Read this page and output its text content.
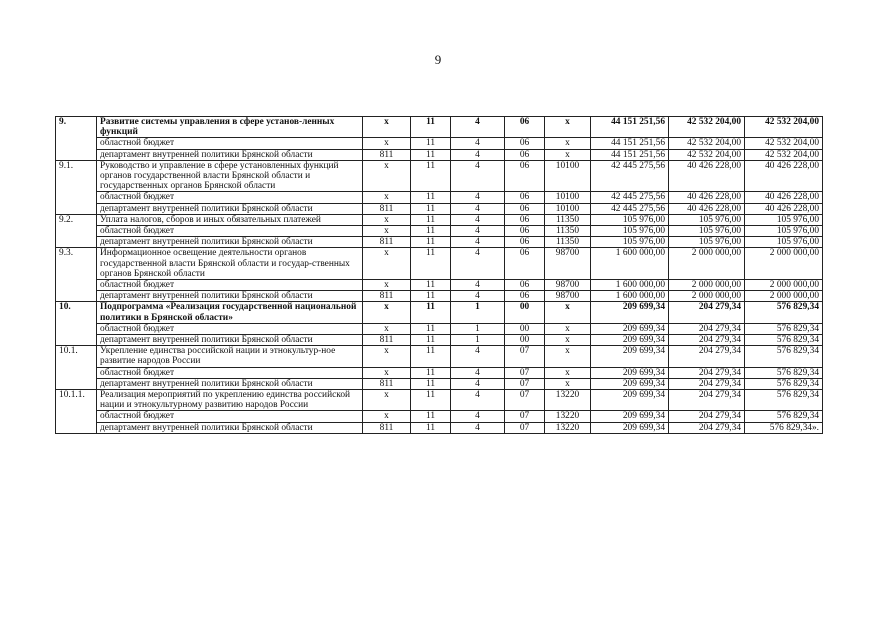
9
9.	Развитие системы управления в сфере установ-ленных функций	х	11	4	06	х	44 151 251,56	42 532 204,00	42 532 204,00
	областной бюджет	х	11	4	06	х	44 151 251,56	42 532 204,00	42 532 204,00
	департамент внутренней политики Брянской области	811	11	4	06	х	44 151 251,56	42 532 204,00	42 532 204,00
9.1.	Руководство и управление в сфере установленных функций органов государственной власти Брянской области и государственных органов Брянской области	х	11	4	06	10100	42 445 275,56	40 426 228,00	40 426 228,00
	областной бюджет	х	11	4	06	10100	42 445 275,56	40 426 228,00	40 426 228,00
	департамент внутренней политики Брянской области	811	11	4	06	10100	42 445 275,56	40 426 228,00	40 426 228,00
9.2.	Уплата налогов, сборов и иных обязательных платежей	х	11	4	06	11350	105 976,00	105 976,00	105 976,00
	областной бюджет	х	11	4	06	11350	105 976,00	105 976,00	105 976,00
	департамент внутренней политики Брянской области	811	11	4	06	11350	105 976,00	105 976,00	105 976,00
9.3.	Информационное освещение деятельности органов государственной власти Брянской области и государ-ственных органов Брянской области	х	11	4	06	98700	1 600 000,00	2 000 000,00	2 000 000,00
	областной бюджет	х	11	4	06	98700	1 600 000,00	2 000 000,00	2 000 000,00
	департамент внутренней политики Брянской области	811	11	4	06	98700	1 600 000,00	2 000 000,00	2 000 000,00
10.	Подпрограмма «Реализация государственной национальной политики в Брянской области»	х	11	1	00	х	209 699,34	204 279,34	576 829,34
	областной бюджет	х	11	1	00	х	209 699,34	204 279,34	576 829,34
	департамент внутренней политики Брянской области	811	11	1	00	х	209 699,34	204 279,34	576 829,34
10.1.	Укрепление единства российской нации и этнокультур-ное развитие народов России	х	11	4	07	х	209 699,34	204 279,34	576 829,34
	областной бюджет	х	11	4	07	х	209 699,34	204 279,34	576 829,34
	департамент внутренней политики Брянской области	811	11	4	07	х	209 699,34	204 279,34	576 829,34
10.1.1.	Реализация мероприятий по укреплению единства российской нации и этнокультурному развитию народов России	х	11	4	07	13220	209 699,34	204 279,34	576 829,34
	областной бюджет	х	11	4	07	13220	209 699,34	204 279,34	576 829,34
	департамент внутренней политики Брянской области	811	11	4	07	13220	209 699,34	204 279,34	576 829,34».
